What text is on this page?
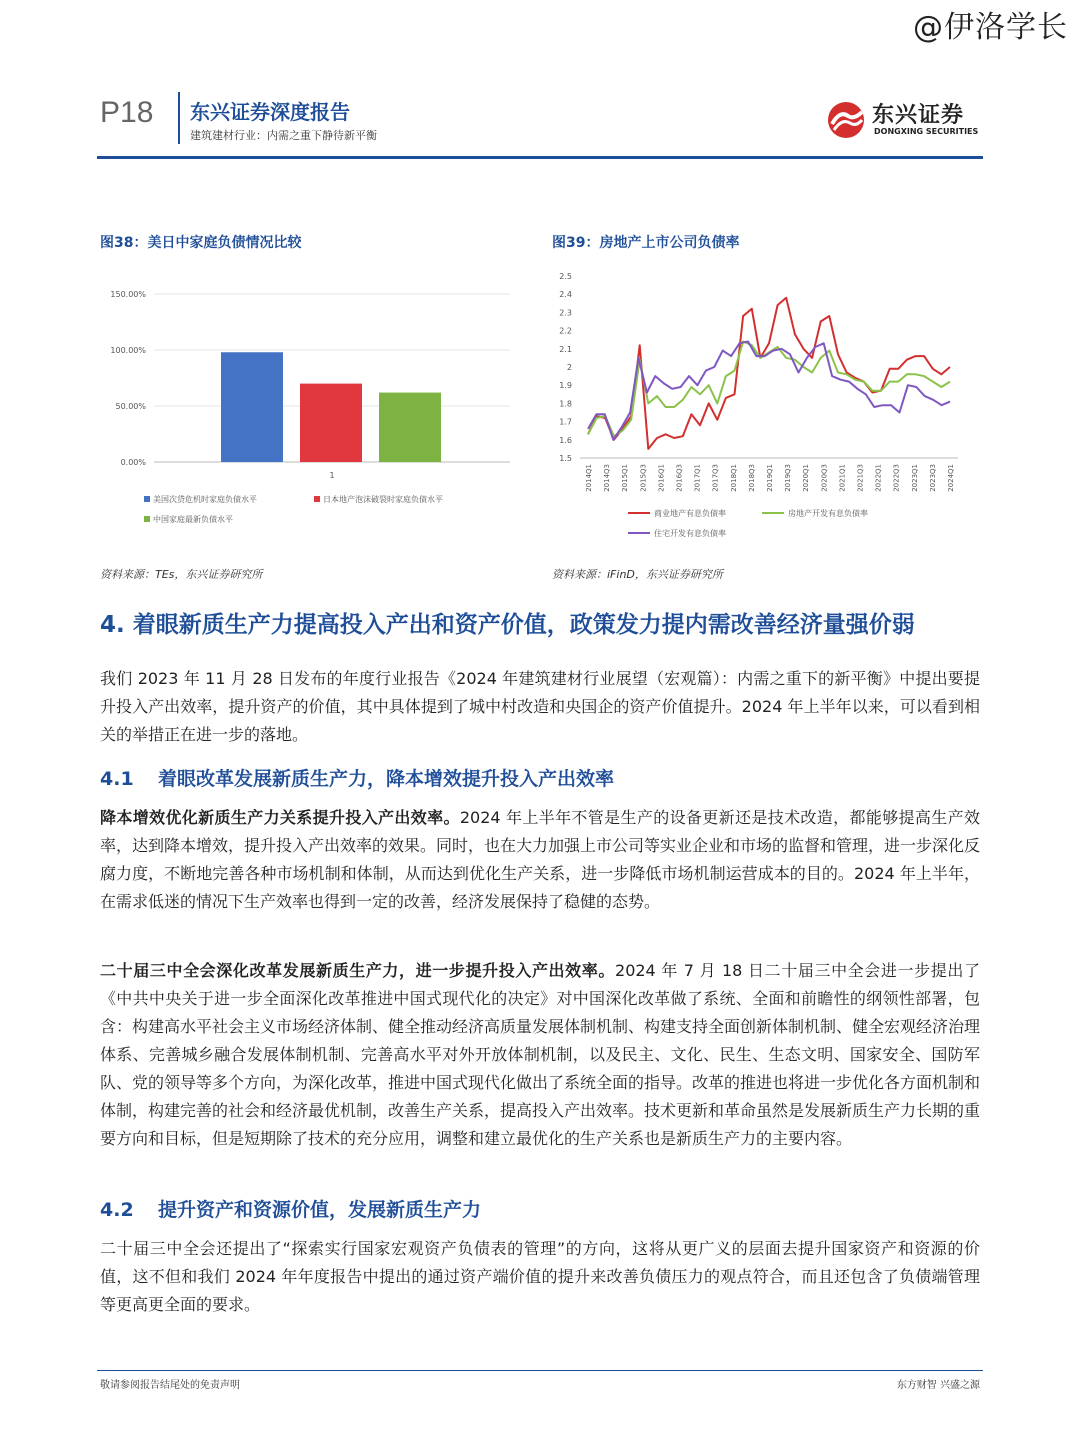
@伊洛学长
P18 东兴证券深度报告
建筑建材行业：内需之重下静待新平衡
东兴证券
DONGXING SECURITIES
图38：美日中家庭负债情况比较
0.00%
50.00%
100.00%
150.00%
1
美国次贷危机时家庭负债水平	日本地产泡沫破裂时家庭负债水平
中国家庭最新负债水平
资料来源：TEs，东兴证券研究所
图39：房地产上市公司负债率
1.5
1.6
1.7
1.8
1.9
2
2.1
2.2
2.3
2.4
2.5
2014Q1 2014Q3 2015Q1 2015Q3 2016Q1 2016Q3 2017Q1 2017Q3 2018Q1 2018Q3 2019Q1 2019Q3 2020Q1 2020Q3 2021Q1 2021Q3 2022Q1 2022Q3 2023Q1 2023Q3 2024Q1
商业地产有息负债率	房地产开发有息负债率
住宅开发有息负债率
资料来源：iFinD，东兴证券研究所
4. 着眼新质生产力提高投入产出和资产价值，政策发力提内需改善经济量强价弱
我们 2023 年 11 月 28 日发布的年度行业报告《2024 年建筑建材行业展望（宏观篇）：内需之重下的新平衡》中提出要提升投入产出效率，提升资产的价值，其中具体提到了城中村改造和央国企的资产价值提升。2024 年上半年以来，可以看到相关的举措正在进一步的落地。
4.1 着眼改革发展新质生产力，降本增效提升投入产出效率
降本增效优化新质生产力关系提升投入产出效率。2024 年上半年不管是生产的设备更新还是技术改造，都能够提高生产效率，达到降本增效，提升投入产出效率的效果。同时，也在大力加强上市公司等实业企业和市场的监督和管理，进一步深化反腐力度，不断地完善各种市场机制和体制，从而达到优化生产关系，进一步降低市场机制运营成本的目的。2024 年上半年，在需求低迷的情况下生产效率也得到一定的改善，经济发展保持了稳健的态势。
二十届三中全会深化改革发展新质生产力，进一步提升投入产出效率。2024 年 7 月 18 日二十届三中全会进一步提出了《中共中央关于进一步全面深化改革推进中国式现代化的决定》对中国深化改革做了系统、全面和前瞻性的纲领性部署，包含：构建高水平社会主义市场经济体制、健全推动经济高质量发展体制机制、构建支持全面创新体制机制、健全宏观经济治理体系、完善城乡融合发展体制机制、完善高水平对外开放体制机制，以及民主、文化、民生、生态文明、国家安全、国防军队、党的领导等多个方向，为深化改革，推进中国式现代化做出了系统全面的指导。改革的推进也将进一步优化各方面机制和体制，构建完善的社会和经济最优机制，改善生产关系，提高投入产出效率。技术更新和革命虽然是发展新质生产力长期的重要方向和目标，但是短期除了技术的充分应用，调整和建立最优化的生产关系也是新质生产力的主要内容。
4.2 提升资产和资源价值，发展新质生产力
二十届三中全会还提出了“探索实行国家宏观资产负债表的管理”的方向，这将从更广义的层面去提升国家资产和资源的价值，这不但和我们 2024 年年度报告中提出的通过资产端价值的提升来改善负债压力的观点符合，而且还包含了负债端管理等更高更全面的要求。
敬请参阅报告结尾处的免责声明	东方财智 兴盛之源
